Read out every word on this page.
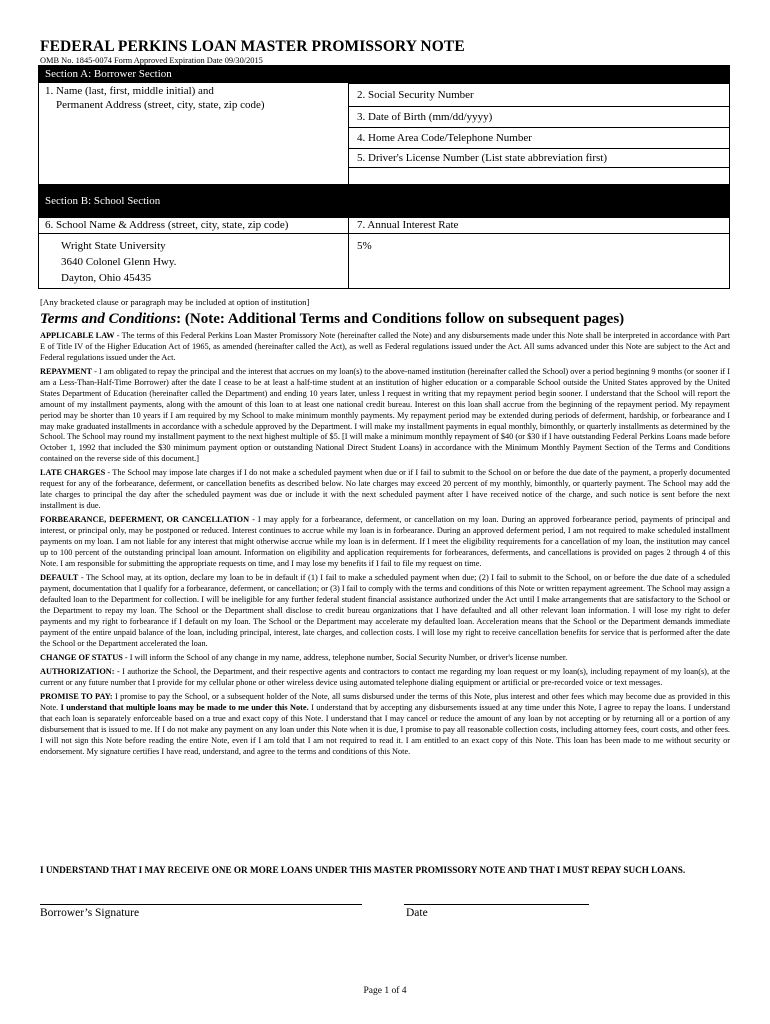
FEDERAL PERKINS LOAN MASTER PROMISSORY NOTE
OMB No. 1845-0074 Form Approved Expiration Date 09/30/2015
Section A: Borrower Section
1. Name (last, first, middle initial) and
Permanent Address (street, city, state, zip code)
2. Social Security Number
3. Date of Birth (mm/dd/yyyy)
4. Home Area Code/Telephone Number
5. Driver's License Number (List state abbreviation first)
Section B: School Section
6. School Name & Address (street, city, state, zip code)	7. Annual Interest Rate
Wright State University
3640 Colonel Glenn Hwy.
Dayton, Ohio 45435
5%
[Any bracketed clause or paragraph may be included at option of institution]
Terms and Conditions: (Note: Additional Terms and Conditions follow on subsequent pages)

APPLICABLE LAW - The terms of this Federal Perkins Loan Master Promissory Note (hereinafter called the Note) and any disbursements made under this Note shall be interpreted in accordance with Part E of Title IV of the Higher Education Act of 1965, as amended (hereinafter called the Act), as well as Federal regulations issued under the Act. All sums advanced under this Note are subject to the Act and Federal regulations issued under the Act.

REPAYMENT - I am obligated to repay the principal and the interest that accrues on my loan(s) to the above-named institution (hereinafter called the School) over a period beginning 9 months (or sooner if I am a Less-Than-Half-Time Borrower) after the date I cease to be at least a half-time student at an institution of higher education or a comparable School outside the United States approved by the United States Department of Education (hereinafter called the Department) and ending 10 years later, unless I request in writing that my repayment period begin sooner. I understand that the School will report the amount of my installment payments, along with the amount of this loan to at least one national credit bureau. Interest on this loan shall accrue from the beginning of the repayment period. My repayment period may be shorter than 10 years if I am required by my School to make minimum monthly payments. My repayment period may be extended during periods of deferment, hardship, or forbearance and I may make graduated installments in accordance with a schedule approved by the Department. I will make my installment payments in equal monthly, bimonthly, or quarterly installments as determined by the School. The School may round my installment payment to the next highest multiple of $5. [I will make a minimum monthly repayment of $40 (or $30 if I have outstanding Federal Perkins Loans made before October 1, 1992 that included the $30 minimum payment option or outstanding National Direct Student Loans) in accordance with the Minimum Monthly Payment Section of the Terms and Conditions contained on the reverse side of this document.]

LATE CHARGES - The School may impose late charges if I do not make a scheduled payment when due or if I fail to submit to the School on or before the due date of the payment, a properly documented request for any of the forbearance, deferment, or cancellation benefits as described below. No late charges may exceed 20 percent of my monthly, bimonthly, or quarterly payment. The School may add the late charges to principal the day after the scheduled payment was due or include it with the next scheduled payment after I have received notice of the charge, and such notice is sent before the next installment is due.

FORBEARANCE, DEFERMENT, OR CANCELLATION - I may apply for a forbearance, deferment, or cancellation on my loan. During an approved forbearance period, payments of principal and interest, or principal only, may be postponed or reduced. Interest continues to accrue while my loan is in forbearance. During an approved deferment period, I am not required to make scheduled installment payments on my loan. I am not liable for any interest that might otherwise accrue while my loan is in deferment. If I meet the eligibility requirements for a cancellation of my loan, the institution may cancel up to 100 percent of the outstanding principal loan amount. Information on eligibility and application requirements for forbearances, deferments, and cancellations is provided on pages 2 through 4 of this Note. I am responsible for submitting the appropriate requests on time, and I may lose my benefits if I fail to file my request on time.

DEFAULT - The School may, at its option, declare my loan to be in default if (1) I fail to make a scheduled payment when due; (2) I fail to submit to the School, on or before the due date of a scheduled payment, documentation that I qualify for a forbearance, deferment, or cancellation; or (3) I fail to comply with the terms and conditions of this Note or written repayment agreement. The School may assign a defaulted loan to the Department for collection. I will be ineligible for any further federal student financial assistance authorized under the Act until I make arrangements that are satisfactory to the School or the Department to repay my loan. The School or the Department shall disclose to credit bureau organizations that I have defaulted and all other relevant loan information. I will lose my right to defer payments and my right to forbearance if I default on my loan. The School or the Department may accelerate my defaulted loan. Acceleration means that the School or the Department demands immediate payment of the entire unpaid balance of the loan, including principal, interest, late charges, and collection costs. I will lose my right to receive cancellation benefits for service that is performed after the date the School or the Department accelerated the loan.

CHANGE OF STATUS - I will inform the School of any change in my name, address, telephone number, Social Security Number, or driver's license number.

AUTHORIZATION: - I authorize the School, the Department, and their respective agents and contractors to contact me regarding my loan request or my loan(s), including repayment of my loan(s), at the current or any future number that I provide for my cellular phone or other wireless device using automated telephone dialing equipment or artificial or pre-recorded voice or text messages.

PROMISE TO PAY: I promise to pay the School, or a subsequent holder of the Note, all sums disbursed under the terms of this Note, plus interest and other fees which may become due as provided in this Note. I understand that multiple loans may be made to me under this Note. I understand that by accepting any disbursements issued at any time under this Note, I agree to repay the loans. I understand that each loan is separately enforceable based on a true and exact copy of this Note. I understand that I may cancel or reduce the amount of any loan by not accepting or by returning all or a portion of any disbursement that is issued to me. If I do not make any payment on any loan under this Note when it is due, I promise to pay all reasonable collection costs, including attorney fees, court costs, and other fees. I will not sign this Note before reading the entire Note, even if I am told that I am not required to read it. I am entitled to an exact copy of this Note. This loan has been made to me without security or endorsement. My signature certifies I have read, understand, and agree to the terms and conditions of this Note.

I UNDERSTAND THAT I MAY RECEIVE ONE OR MORE LOANS UNDER THIS MASTER PROMISSORY NOTE AND THAT I MUST REPAY SUCH LOANS.
Borrower’s Signature	Date
Page 1 of 4
